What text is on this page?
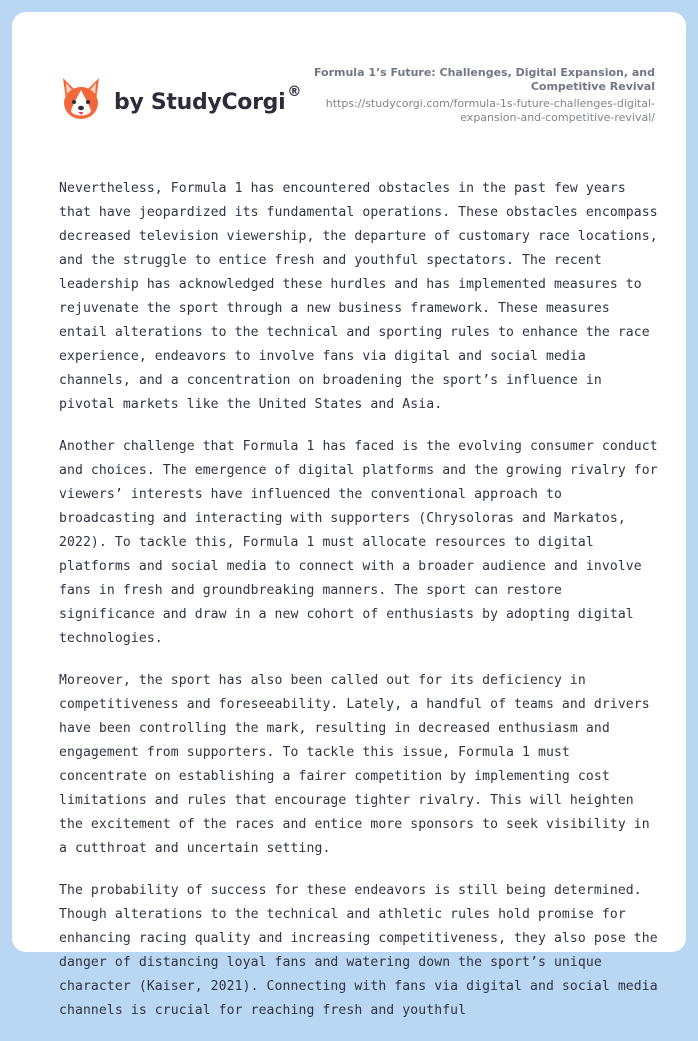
by StudyCorgi ®
Formula 1’s Future: Challenges, Digital Expansion, and Competitive Revival
https://studycorgi.com/formula-1s-future-challenges-digital-expansion-and-competitive-revival/

Nevertheless, Formula 1 has encountered obstacles in the past few years that have jeopardized its fundamental operations. These obstacles encompass decreased television viewership, the departure of customary race locations, and the struggle to entice fresh and youthful spectators. The recent leadership has acknowledged these hurdles and has implemented measures to rejuvenate the sport through a new business framework. These measures entail alterations to the technical and sporting rules to enhance the race experience, endeavors to involve fans via digital and social media channels, and a concentration on broadening the sport’s influence in pivotal markets like the United States and Asia.

Another challenge that Formula 1 has faced is the evolving consumer conduct and choices. The emergence of digital platforms and the growing rivalry for viewers’ interests have influenced the conventional approach to broadcasting and interacting with supporters (Chrysoloras and Markatos, 2022). To tackle this, Formula 1 must allocate resources to digital platforms and social media to connect with a broader audience and involve fans in fresh and groundbreaking manners. The sport can restore significance and draw in a new cohort of enthusiasts by adopting digital technologies.

Moreover, the sport has also been called out for its deficiency in competitiveness and foreseeability. Lately, a handful of teams and drivers have been controlling the mark, resulting in decreased enthusiasm and engagement from supporters. To tackle this issue, Formula 1 must concentrate on establishing a fairer competition by implementing cost limitations and rules that encourage tighter rivalry. This will heighten the excitement of the races and entice more sponsors to seek visibility in a cutthroat and uncertain setting.

The probability of success for these endeavors is still being determined. Though alterations to the technical and athletic rules hold promise for enhancing racing quality and increasing competitiveness, they also pose the danger of distancing loyal fans and watering down the sport’s unique character (Kaiser, 2021). Connecting with fans via digital and social media channels is crucial for reaching fresh and youthful
